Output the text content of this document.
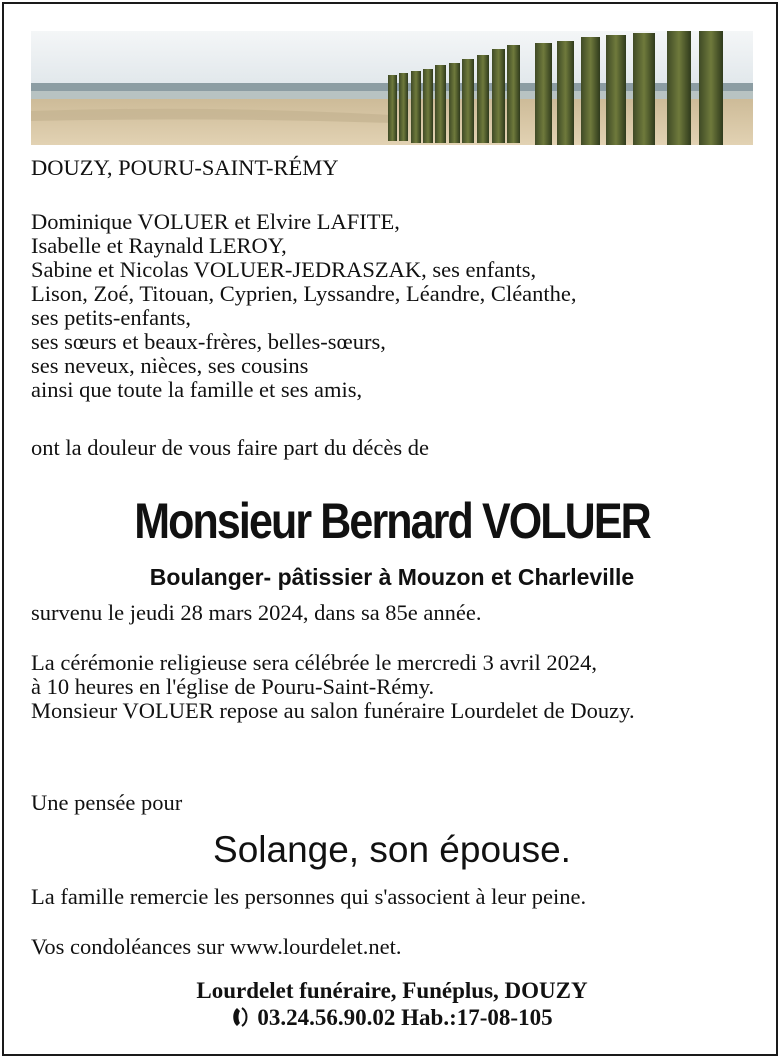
DOUZY, POURU-SAINT-RÉMY
Dominique VOLUER et Elvire LAFITE,
Isabelle et Raynald LEROY,
Sabine et Nicolas VOLUER-JEDRASZAK, ses enfants,
Lison, Zoé, Titouan, Cyprien, Lyssandre, Léandre, Cléanthe,
ses petits-enfants,
ses sœurs et beaux-frères, belles-sœurs,
ses neveux, nièces, ses cousins
ainsi que toute la famille et ses amis,
ont la douleur de vous faire part du décès de
Monsieur Bernard VOLUER
Boulanger- pâtissier à Mouzon et Charleville
survenu le jeudi 28 mars 2024, dans sa 85e année.
La cérémonie religieuse sera célébrée le mercredi 3 avril 2024,
à 10 heures en l'église de Pouru-Saint-Rémy.
Monsieur VOLUER repose au salon funéraire Lourdelet de Douzy.
Une pensée pour
Solange, son épouse.
La famille remercie les personnes qui s'associent à leur peine.
Vos condoléances sur www.lourdelet.net.
Lourdelet funéraire, Funéplus, DOUZY
03.24.56.90.02 Hab.:17-08-105
